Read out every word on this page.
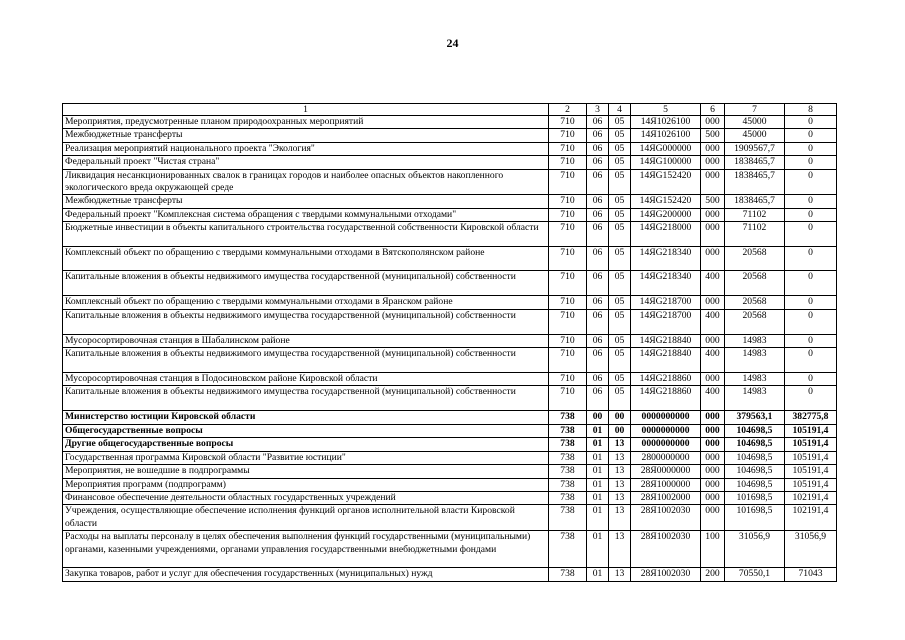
24
1	2	3	4	5	6	7	8
Мероприятия, предусмотренные планом природоохранных мероприятий	710	06	05	14Я1026100	000	45000	0
Межбюджетные трансферты	710	06	05	14Я1026100	500	45000	0
Реализация мероприятий национального проекта "Экология"	710	06	05	14ЯG000000	000	1909567,7	0
Федеральный проект "Чистая страна"	710	06	05	14ЯG100000	000	1838465,7	0
Ликвидация несанкционированных свалок в границах городов и наиболее опасных объектов накопленного экологического вреда окружающей среде	710	06	05	14ЯG152420	000	1838465,7	0
Межбюджетные трансферты	710	06	05	14ЯG152420	500	1838465,7	0
Федеральный проект "Комплексная система обращения с твердыми коммунальными отходами"	710	06	05	14ЯG200000	000	71102	0
Бюджетные инвестиции в объекты капитального строительства государственной собственности Кировской области	710	06	05	14ЯG218000	000	71102	0
Комплексный объект по обращению с твердыми коммунальными отходами в Вятскополянском районе	710	06	05	14ЯG218340	000	20568	0
Капитальные вложения в объекты недвижимого имущества государственной (муниципальной) собственности	710	06	05	14ЯG218340	400	20568	0
Комплексный объект по обращению с твердыми коммунальными отходами в Яранском районе	710	06	05	14ЯG218700	000	20568	0
Капитальные вложения в объекты недвижимого имущества государственной (муниципальной) собственности	710	06	05	14ЯG218700	400	20568	0
Мусоросортировочная станция в Шабалинском районе	710	06	05	14ЯG218840	000	14983	0
Капитальные вложения в объекты недвижимого имущества государственной (муниципальной) собственности	710	06	05	14ЯG218840	400	14983	0
Мусоросортировочная станция в Подосиновском районе Кировской области	710	06	05	14ЯG218860	000	14983	0
Капитальные вложения в объекты недвижимого имущества государственной (муниципальной) собственности	710	06	05	14ЯG218860	400	14983	0
Министерство юстиции Кировской области	738	00	00	0000000000	000	379563,1	382775,8
Общегосударственные вопросы	738	01	00	0000000000	000	104698,5	105191,4
Другие общегосударственные вопросы	738	01	13	0000000000	000	104698,5	105191,4
Государственная программа Кировской области "Развитие юстиции"	738	01	13	2800000000	000	104698,5	105191,4
Мероприятия, не вошедшие в подпрограммы	738	01	13	28Я0000000	000	104698,5	105191,4
Мероприятия программ (подпрограмм)	738	01	13	28Я1000000	000	104698,5	105191,4
Финансовое обеспечение деятельности областных государственных учреждений	738	01	13	28Я1002000	000	101698,5	102191,4
Учреждения, осуществляющие обеспечение исполнения функций органов исполнительной власти Кировской области	738	01	13	28Я1002030	000	101698,5	102191,4
Расходы на выплаты персоналу в целях обеспечения выполнения функций государственными (муниципальными) органами, казенными учреждениями, органами управления государственными внебюджетными фондами	738	01	13	28Я1002030	100	31056,9	31056,9
Закупка товаров, работ и услуг для обеспечения государственных (муниципальных) нужд	738	01	13	28Я1002030	200	70550,1	71043
